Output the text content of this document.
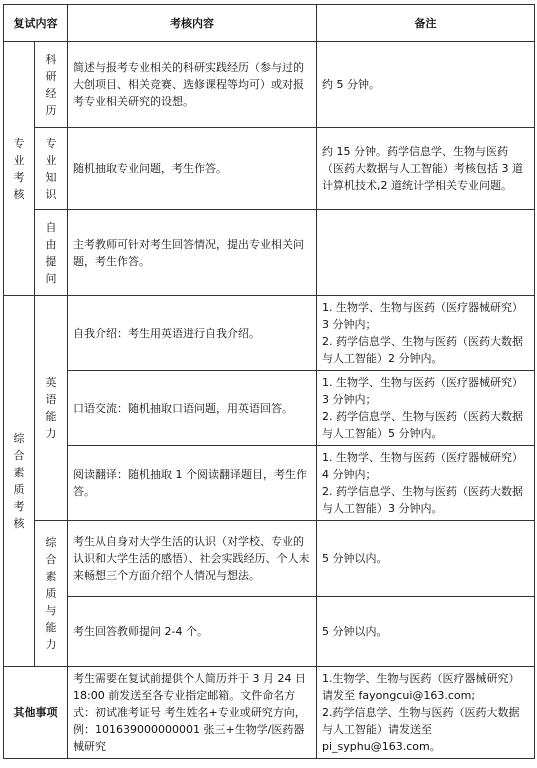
复试内容		考核内容	备注

专业考核	科研经历	简述与报考专业相关的科研实践经历（参与过的大创项目、相关竞赛、选修课程等均可）或对报考专业相关研究的设想。	约 5 分钟。

	专业知识	随机抽取专业问题，考生作答。	约 15 分钟。药学信息学、生物与医药（医药大数据与人工智能）考核包括 3 道计算机技术,2 道统计学相关专业问题。

	自由提问	主考教师可针对考生回答情况，提出专业相关问题，考生作答。	

综合素质考核	英语能力	自我介绍：考生用英语进行自我介绍。	1. 生物学、生物与医药（医疗器械研究）3 分钟内；
2. 药学信息学、生物与医药（医药大数据与人工智能）2 分钟内。
		口语交流：随机抽取口语问题，用英语回答。	1. 生物学、生物与医药（医疗器械研究）3 分钟内；
2. 药学信息学、生物与医药（医药大数据与人工智能）5 分钟内。
		阅读翻译：随机抽取 1 个阅读翻译题目，考生作答。	1. 生物学、生物与医药（医疗器械研究）4 分钟内；
2. 药学信息学、生物与医药（医药大数据与人工智能）3 分钟内。

	综合素质与能力	考生从自身对大学生活的认识（对学校、专业的认识和大学生活的感悟）、社会实践经历、个人未来畅想三个方面介绍个人情况与想法。	5 分钟以内。
		考生回答教师提问 2-4 个。	5 分钟以内。
其他事项		考生需要在复试前提供个人简历并于 3 月 24 日 18:00 前发送至各专业指定邮箱。文件命名方式：初试准考证号 考生姓名+专业或研究方向，例：101639000000001 张三+生物学/医药器械研究	1.生物学、生物与医药（医疗器械研究）请发至 fayongcui@163.com;
2.药学信息学、生物与医药（医药大数据与人工智能）请发送至 pi_syphu@163.com。
